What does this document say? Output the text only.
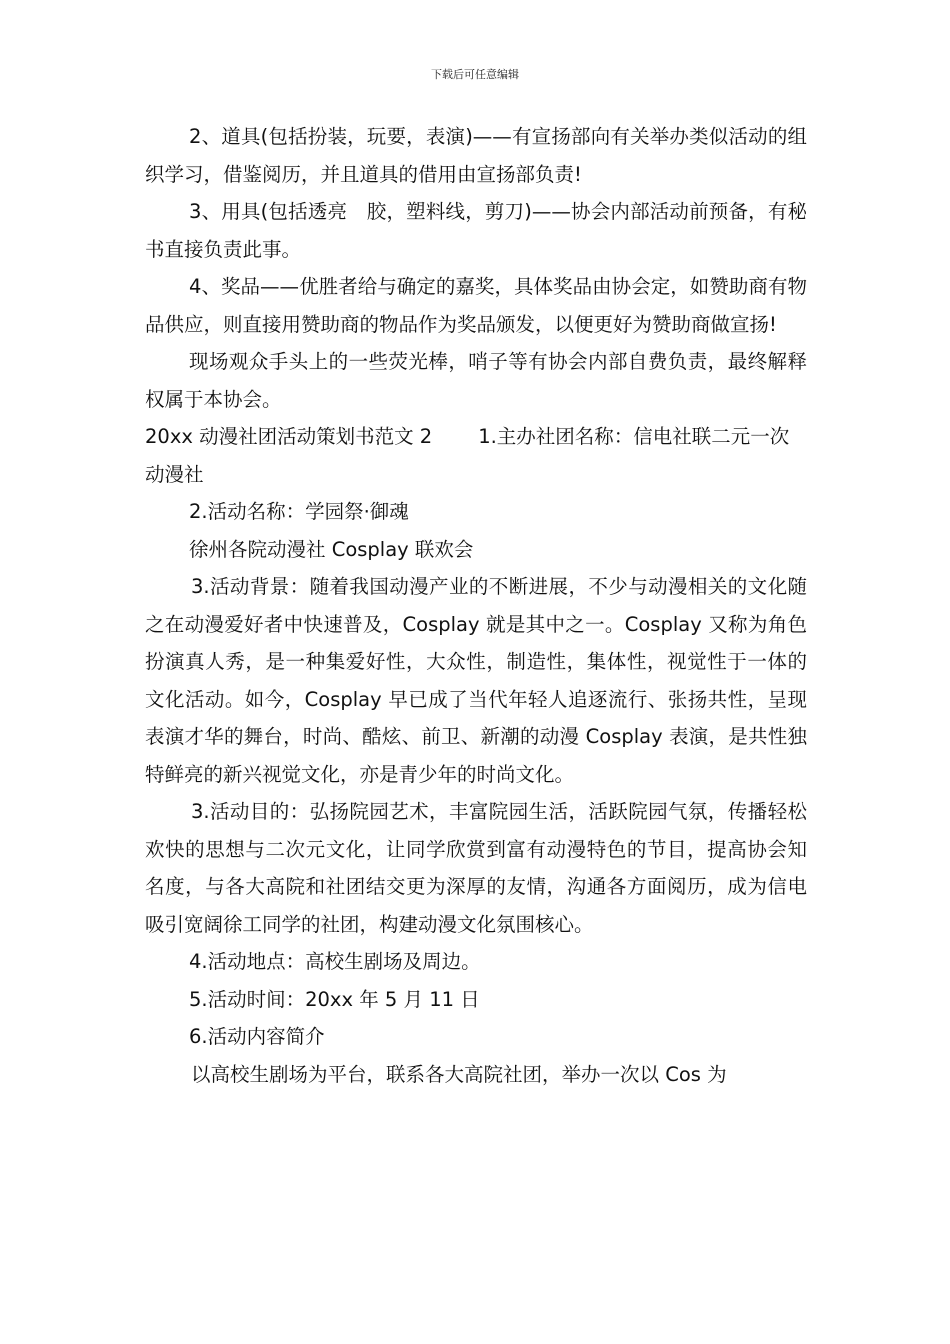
下载后可任意编辑

2、道具(包括扮装，玩要，表演)——有宣扬部向有关举办类似活动的组织学习，借鉴阅历，并且道具的借用由宣扬部负责!

3、用具(包括透亮　胶，塑料线，剪刀)——协会内部活动前预备，有秘书直接负责此事。

4、奖品——优胜者给与确定的嘉奖，具体奖品由协会定，如赞助商有物品供应，则直接用赞助商的物品作为奖品颁发，以便更好为赞助商做宣扬!

现场观众手头上的一些荧光棒，哨子等有协会内部自费负责，最终解释权属于本协会。

20xx 动漫社团活动策划书范文 2 1.主办社团名称：信电社联二元一次动漫社

2.活动名称：学园祭·御魂

徐州各院动漫社 Cosplay 联欢会

3.活动背景：随着我国动漫产业的不断进展，不少与动漫相关的文化随之在动漫爱好者中快速普及，Cosplay 就是其中之一。Cosplay 又称为角色扮演真人秀，是一种集爱好性，大众性，制造性，集体性，视觉性于一体的文化活动。如今，Cosplay 早已成了当代年轻人追逐流行、张扬共性，呈现表演才华的舞台，时尚、酷炫、前卫、新潮的动漫 Cosplay 表演，是共性独特鲜亮的新兴视觉文化，亦是青少年的时尚文化。

3.活动目的：弘扬院园艺术，丰富院园生活，活跃院园气氛，传播轻松欢快的思想与二次元文化，让同学欣赏到富有动漫特色的节目，提高协会知名度，与各大高院和社团结交更为深厚的友情，沟通各方面阅历，成为信电吸引宽阔徐工同学的社团，构建动漫文化氛围核心。

4.活动地点：高校生剧场及周边。

5.活动时间：20xx 年 5 月 11 日

6.活动内容简介

以高校生剧场为平台，联系各大高院社团，举办一次以 Cos 为
